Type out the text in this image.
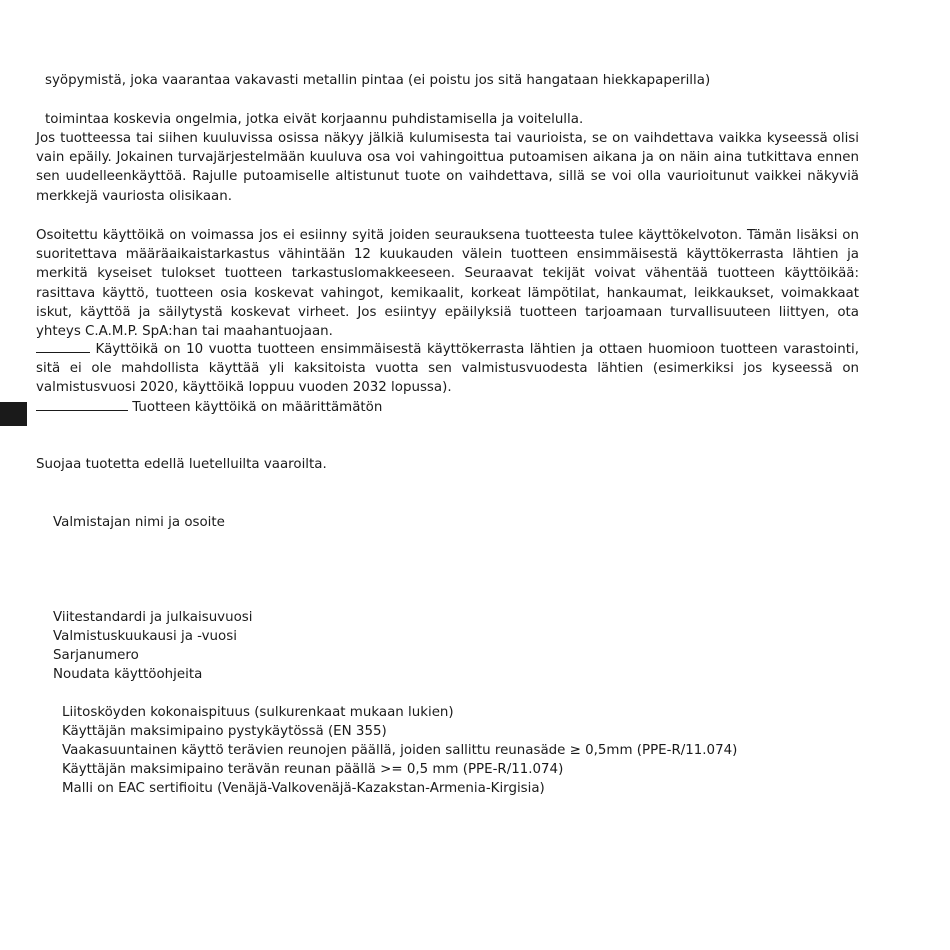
syöpymistä, joka vaarantaa vakavasti metallin pintaa (ei poistu jos sitä hangataan hiekkapaperilla)
toimintaa koskevia ongelmia, jotka eivät korjaannu puhdistamisella ja voitelulla.
Jos tuotteessa tai siihen kuuluvissa osissa näkyy jälkiä kulumisesta tai vaurioista, se on vaihdettava vaikka kyseessä olisi vain epäily. Jokainen turvajärjestelmään kuuluva osa voi vahingoittua putoamisen aikana ja on näin aina tutkittava ennen sen uudelleenkäyttöä. Rajulle putoamiselle altistunut tuote on vaihdettava, sillä se voi olla vaurioitunut vaikkei näkyviä merkkejä vauriosta olisikaan.
Osoitettu käyttöikä on voimassa jos ei esiinny syitä joiden seurauksena tuotteesta tulee käyttökelvoton. Tämän lisäksi on suoritettava määräaikaistarkastus vähintään 12 kuukauden välein tuotteen ensimmäisestä käyttökerrasta lähtien ja merkitä kyseiset tulokset tuotteen tarkastuslomakkeeseen. Seuraavat tekijät voivat vähentää tuotteen käyttöikää: rasittava käyttö, tuotteen osia koskevat vahingot, kemikaalit, korkeat lämpötilat, hankaumat, leikkaukset, voimakkaat iskut, käyttöä ja säilytystä koskevat virheet. Jos esiintyy epäilyksiä tuotteen tarjoamaan turvallisuuteen liittyen, ota yhteys C.A.M.P. SpA:han tai maahantuojaan.
Käyttöikä on 10 vuotta tuotteen ensimmäisestä käyttökerrasta lähtien ja ottaen huomioon tuotteen varastointi, sitä ei ole mahdollista käyttää yli kaksitoista vuotta sen valmistusvuodesta lähtien (esimerkiksi jos kyseessä on valmistusvuosi 2020, käyttöikä loppuu vuoden 2032 lopussa).
Tuotteen käyttöikä on määrittämätön
Suojaa tuotetta edellä luetelluilta vaaroilta.
Valmistajan nimi ja osoite
Viitestandardi ja julkaisuvuosi
Valmistuskuukausi ja -vuosi
Sarjanumero
Noudata käyttöohjeita
Liitosköyden kokonaispituus (sulkurenkaat mukaan lukien)
Käyttäjän maksimipaino pystykäytössä (EN 355)
Vaakasuuntainen käyttö terävien reunojen päällä, joiden sallittu reunasäde ≥ 0,5mm (PPE-R/11.074)
Käyttäjän maksimipaino terävän reunan päällä >= 0,5 mm (PPE-R/11.074)
Malli on EAC sertifioitu (Venäjä-Valkovenäjä-Kazakstan-Armenia-Kirgisia)
